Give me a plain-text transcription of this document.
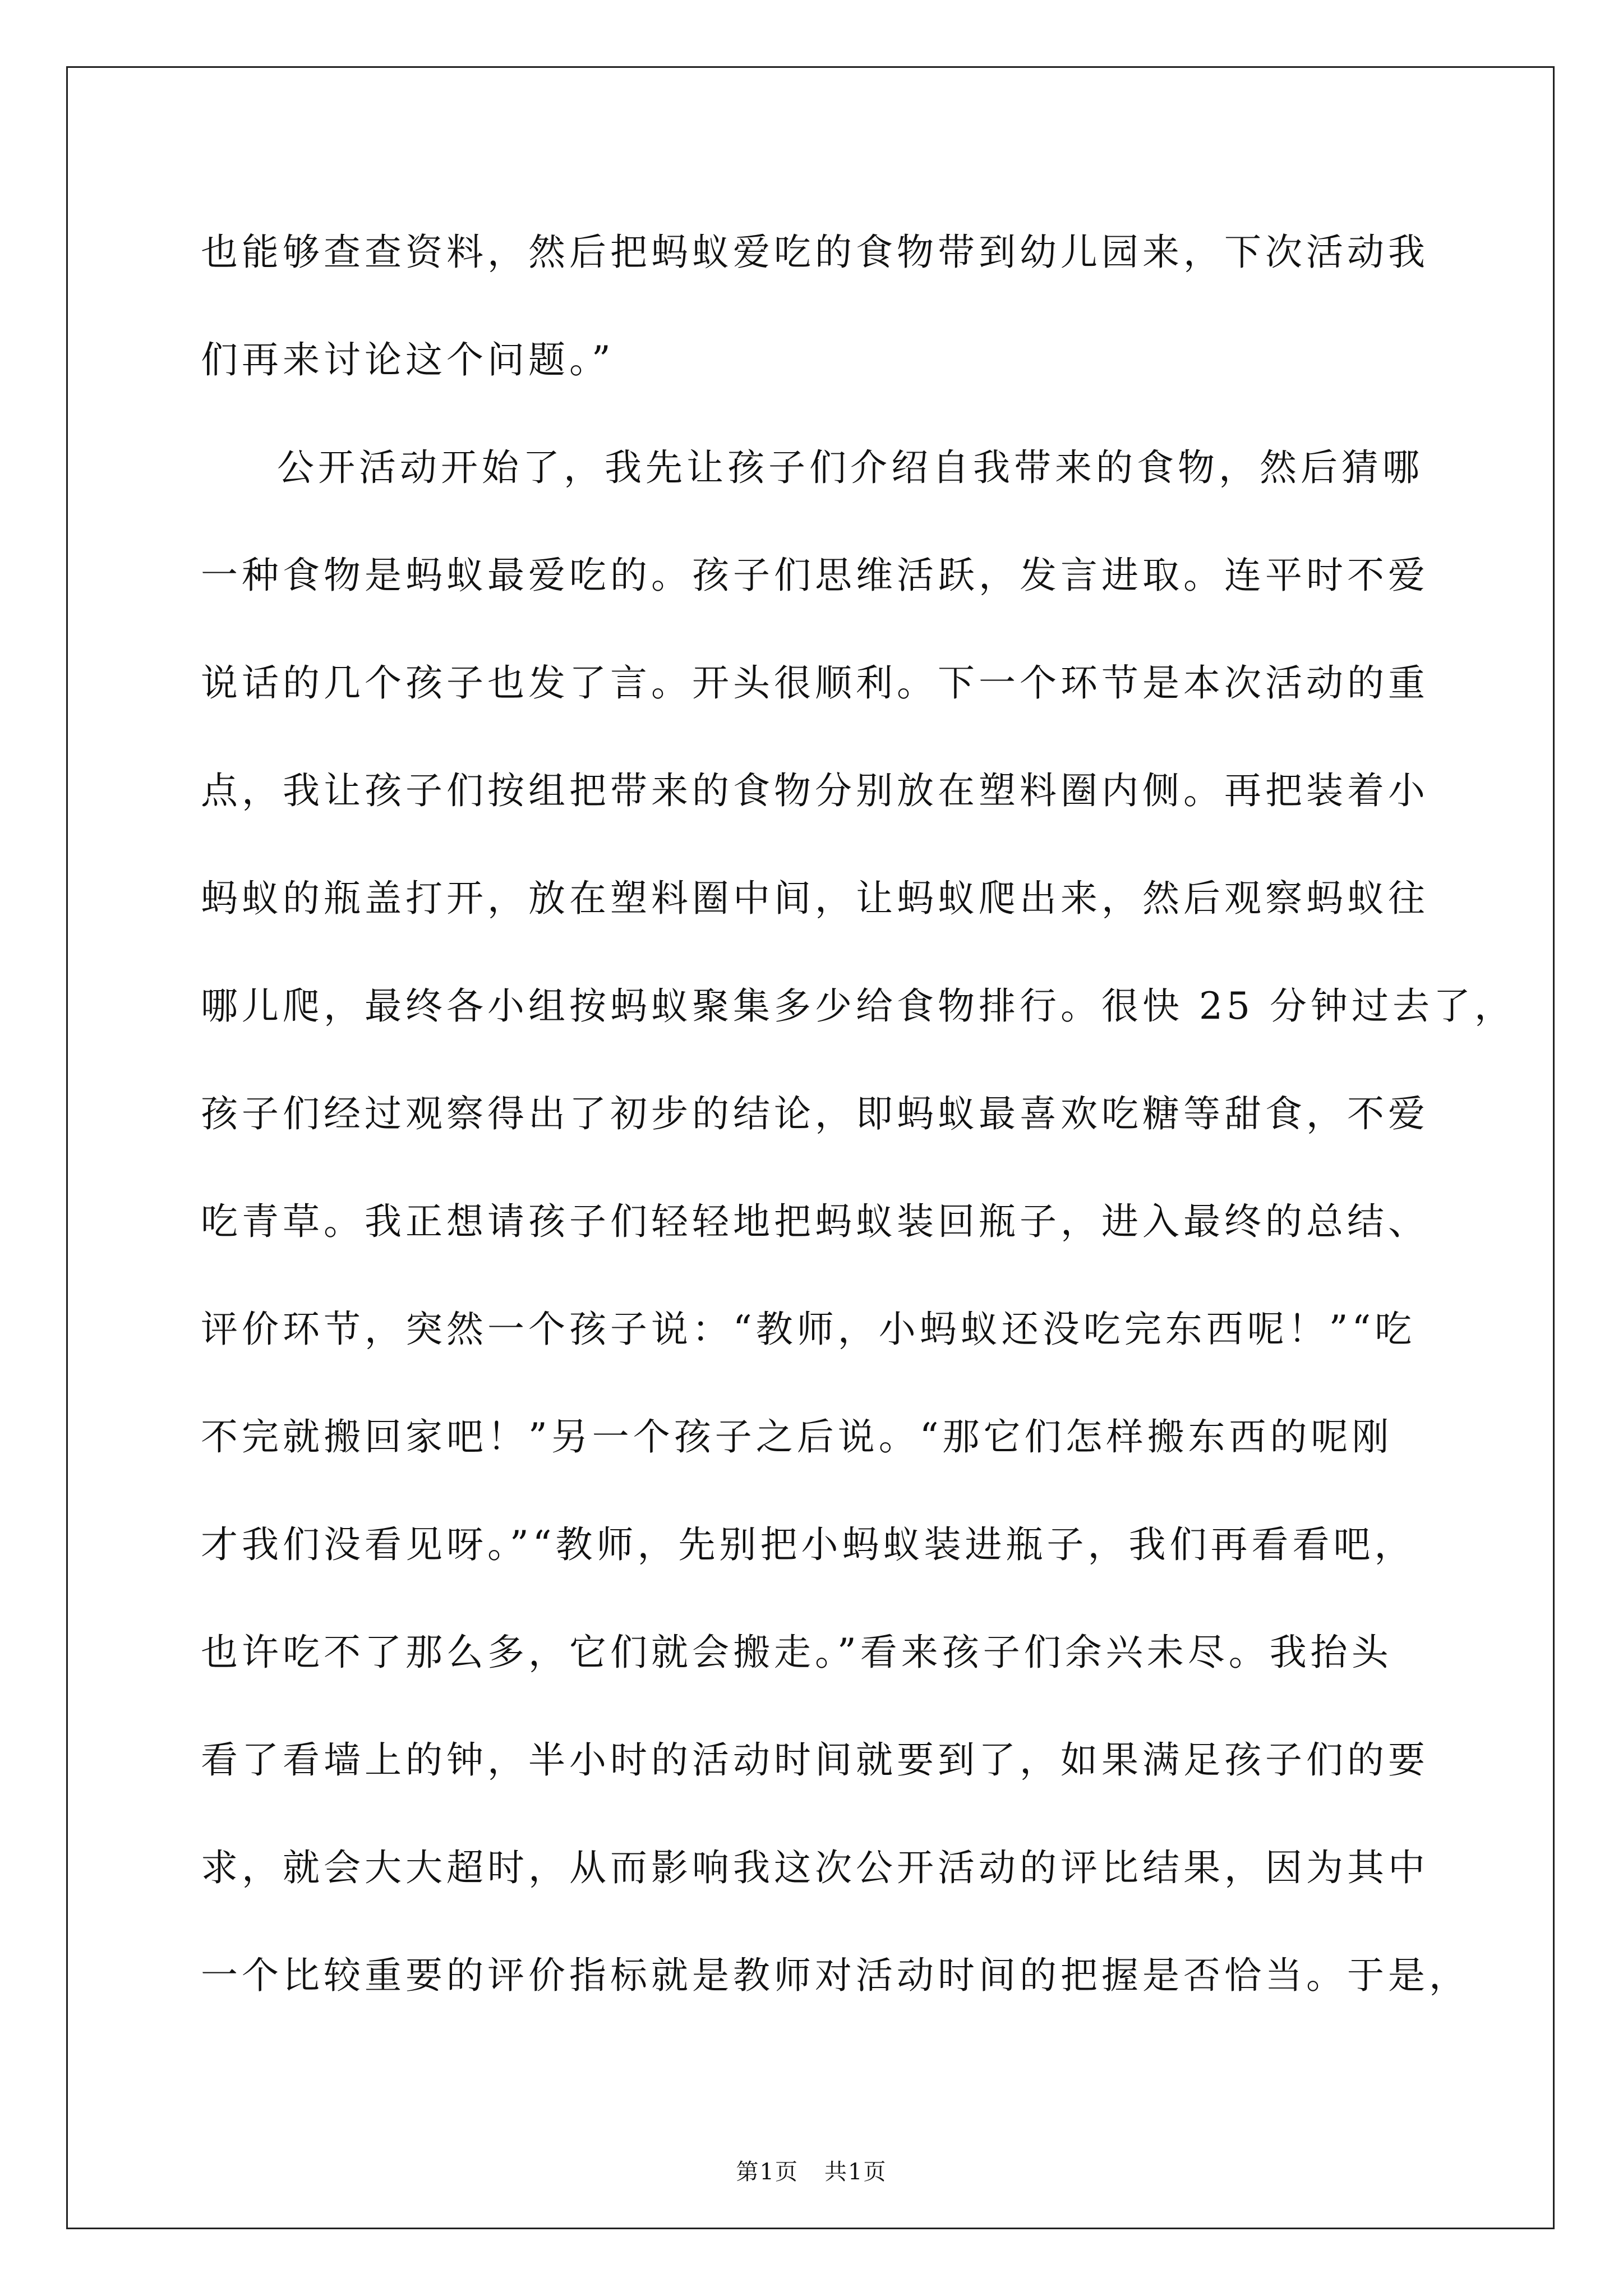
也能够查查资料，然后把蚂蚁爱吃的食物带到幼儿园来，下次活动我
们再来讨论这个问题。”
公开活动开始了，我先让孩子们介绍自我带来的食物，然后猜哪
一种食物是蚂蚁最爱吃的。孩子们思维活跃，发言进取。连平时不爱
说话的几个孩子也发了言。开头很顺利。下一个环节是本次活动的重
点，我让孩子们按组把带来的食物分别放在塑料圈内侧。再把装着小
蚂蚁的瓶盖打开，放在塑料圈中间，让蚂蚁爬出来，然后观察蚂蚁往
哪儿爬，最终各小组按蚂蚁聚集多少给食物排行。很快 25 分钟过去了，
孩子们经过观察得出了初步的结论，即蚂蚁最喜欢吃糖等甜食，不爱
吃青草。我正想请孩子们轻轻地把蚂蚁装回瓶子，进入最终的总结、
评价环节，突然一个孩子说：“教师，小蚂蚁还没吃完东西呢！”“吃
不完就搬回家吧！”另一个孩子之后说。“那它们怎样搬东西的呢刚
才我们没看见呀。”“教师，先别把小蚂蚁装进瓶子，我们再看看吧，
也许吃不了那么多，它们就会搬走。”看来孩子们余兴未尽。我抬头
看了看墙上的钟，半小时的活动时间就要到了，如果满足孩子们的要
求，就会大大超时，从而影响我这次公开活动的评比结果，因为其中
一个比较重要的评价指标就是教师对活动时间的把握是否恰当。于是，
第1页 共1页
